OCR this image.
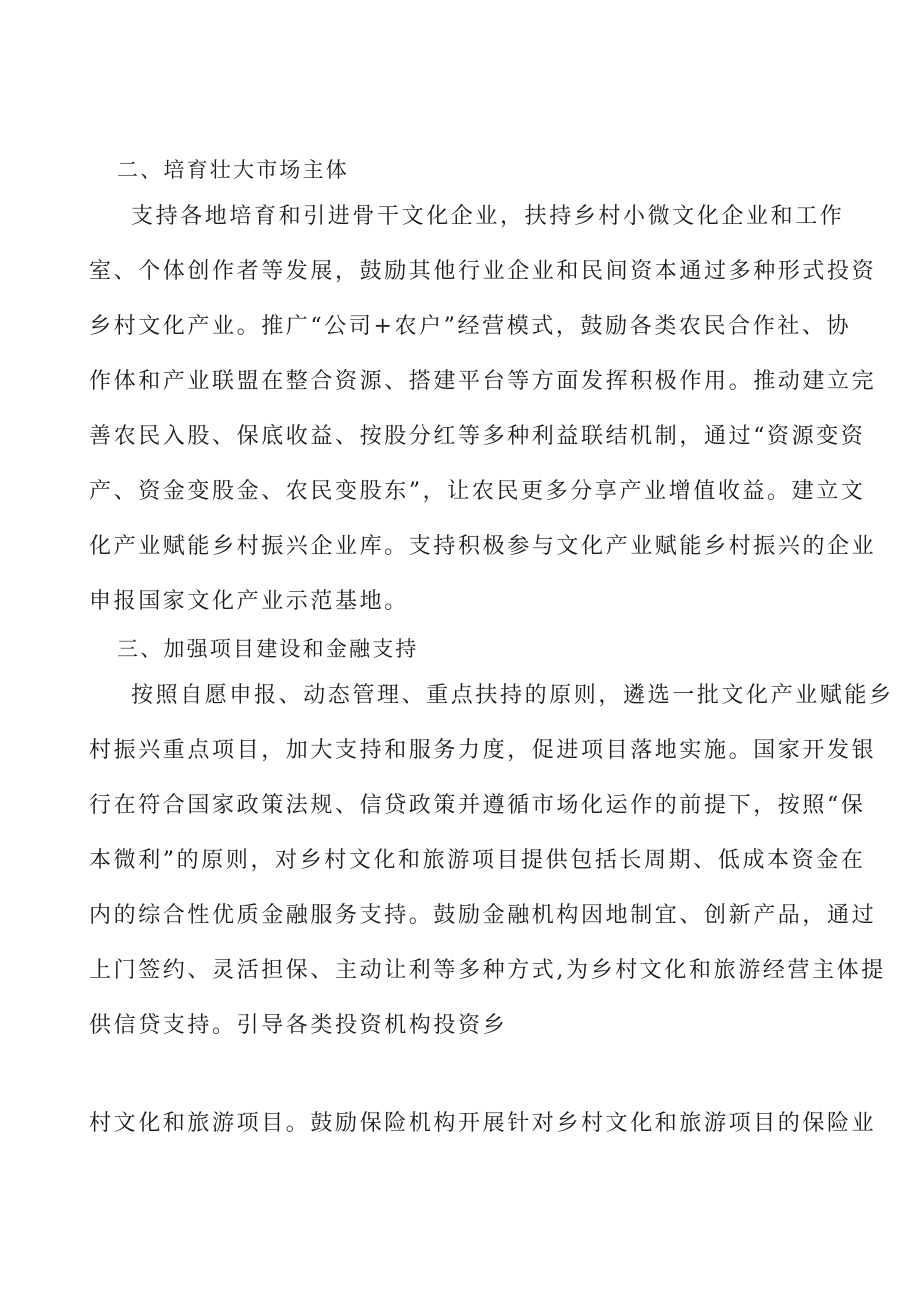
二、培育壮大市场主体
支持各地培育和引进骨干文化企业，扶持乡村小微文化企业和工作
室、个体创作者等发展，鼓励其他行业企业和民间资本通过多种形式投资
乡村文化产业。推广“公司+农户”经营模式，鼓励各类农民合作社、协
作体和产业联盟在整合资源、搭建平台等方面发挥积极作用。推动建立完
善农民入股、保底收益、按股分红等多种利益联结机制，通过“资源变资
产、资金变股金、农民变股东”，让农民更多分享产业增值收益。建立文
化产业赋能乡村振兴企业库。支持积极参与文化产业赋能乡村振兴的企业
申报国家文化产业示范基地。
三、加强项目建设和金融支持
按照自愿申报、动态管理、重点扶持的原则，遴选一批文化产业赋能乡
村振兴重点项目，加大支持和服务力度，促进项目落地实施。国家开发银
行在符合国家政策法规、信贷政策并遵循市场化运作的前提下，按照“保
本微利”的原则，对乡村文化和旅游项目提供包括长周期、低成本资金在
内的综合性优质金融服务支持。鼓励金融机构因地制宜、创新产品，通过
上门签约、灵活担保、主动让利等多种方式,为乡村文化和旅游经营主体提
供信贷支持。引导各类投资机构投资乡
村文化和旅游项目。鼓励保险机构开展针对乡村文化和旅游项目的保险业
